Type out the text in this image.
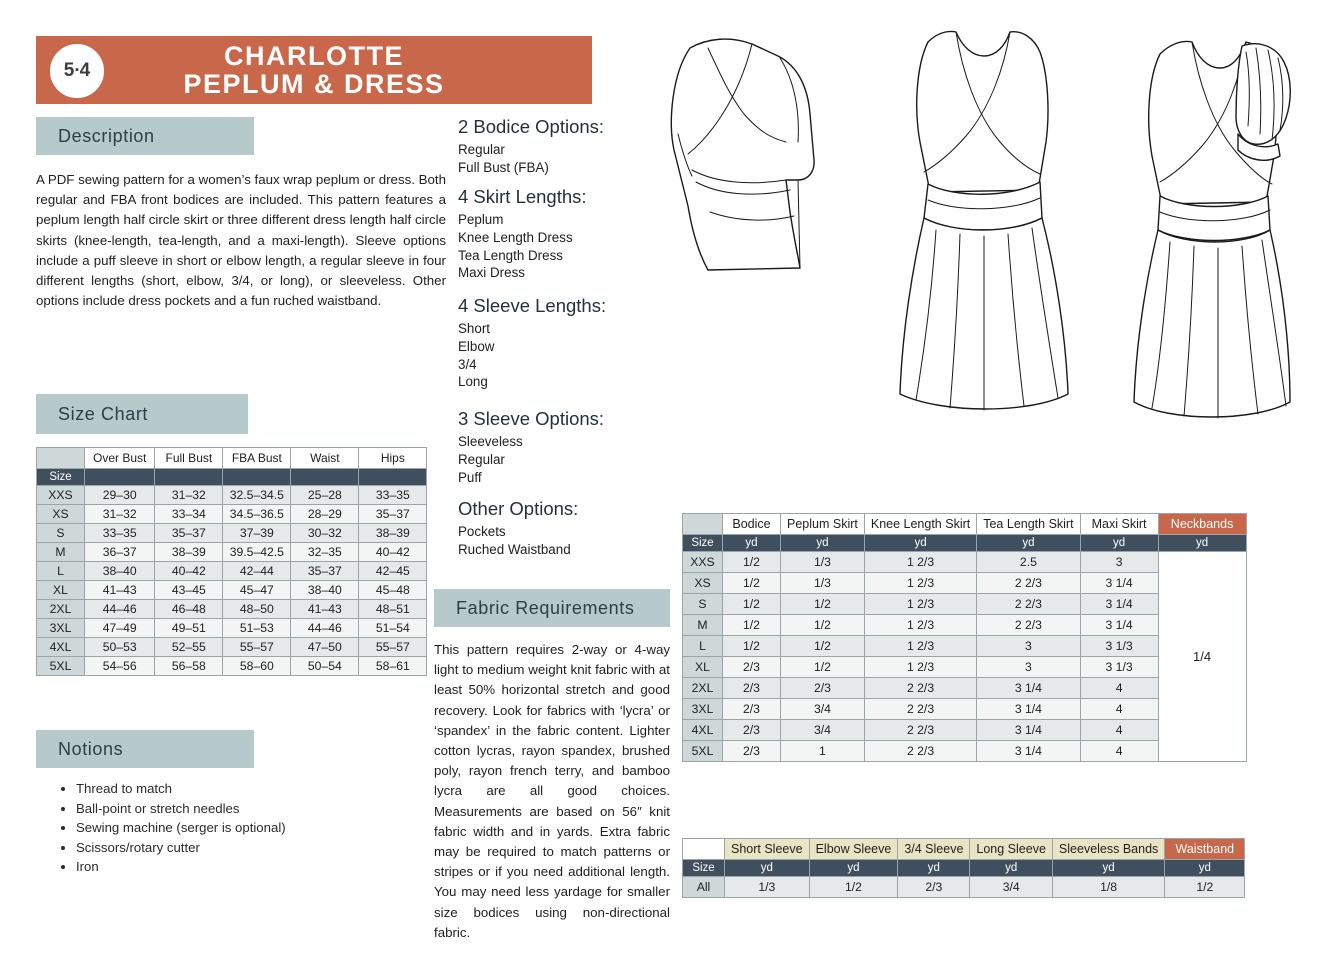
CHARLOTTE
PEPLUM & DRESS
5∙4
Description
A PDF sewing pattern for a women’s faux wrap peplum or dress. Both regular and FBA front bodices are included. This pattern features a peplum length half circle skirt or three different dress length half circle skirts (knee-length, tea-length, and a maxi-length). Sleeve options include a puff sleeve in short or elbow length, a regular sleeve in four different lengths (short, elbow, 3/4, or long), or sleeveless. Other options include dress pockets and a fun ruched waistband.
2 Bodice Options:
Regular
Full Bust (FBA)
4 Skirt Lengths:
Peplum
Knee Length Dress
Tea Length Dress
Maxi Dress
4 Sleeve Lengths:
Short
Elbow
3/4
Long
3 Sleeve Options:
Sleeveless
Regular
Puff
Other Options:
Pockets
Ruched Waistband
Fabric Requirements
This pattern requires 2-way or 4-way light to medium weight knit fabric with at least 50% horizontal stretch and good recovery. Look for fabrics with ‘lycra’ or ‘spandex’ in the fabric content. Lighter cotton lycras, rayon spandex, brushed poly, rayon french terry, and bamboo lycra are all good choices. Measurements are based on 56″ knit fabric width and in yards. Extra fabric may be required to match patterns or stripes or if you need additional length. You may need less yardage for smaller size bodices using non-directional fabric.
Size Chart
	Over Bust	Full Bust	FBA Bust	Waist	Hips
Size					
XXS	29–30	31–32	32.5–34.5	25–28	33–35
XS	31–32	33–34	34.5–36.5	28–29	35–37
S	33–35	35–37	37–39	30–32	38–39
M	36–37	38–39	39.5–42.5	32–35	40–42
L	38–40	40–42	42–44	35–37	42–45
XL	41–43	43–45	45–47	38–40	45–48
2XL	44–46	46–48	48–50	41–43	48–51
3XL	47–49	49–51	51–53	44–46	51–54
4XL	50–53	52–55	55–57	47–50	55–57
5XL	54–56	56–58	58–60	50–54	58–61
Notions
• Thread to match
• Ball-point or stretch needles
• Sewing machine (serger is optional)
• Scissors/rotary cutter
• Iron
	Bodice	Peplum Skirt	Knee Length Skirt	Tea Length Skirt	Maxi Skirt	Neckbands
Size	yd	yd	yd	yd	yd	yd
XXS	1/2	1/3	1 2/3	2.5	3	1/4
XS	1/2	1/3	1 2/3	2 2/3	3 1/4	
S	1/2	1/2	1 2/3	2 2/3	3 1/4	
M	1/2	1/2	1 2/3	2 2/3	3 1/4	
L	1/2	1/2	1 2/3	3	3 1/3	
XL	2/3	1/2	1 2/3	3	3 1/3	
2XL	2/3	2/3	2 2/3	3 1/4	4	
3XL	2/3	3/4	2 2/3	3 1/4	4	
4XL	2/3	3/4	2 2/3	3 1/4	4	
5XL	2/3	1	2 2/3	3 1/4	4	
	Short Sleeve	Elbow Sleeve	3/4 Sleeve	Long Sleeve	Sleeveless Bands	Waistband
Size	yd	yd	yd	yd	yd	yd
All	1/3	1/2	2/3	3/4	1/8	1/2
